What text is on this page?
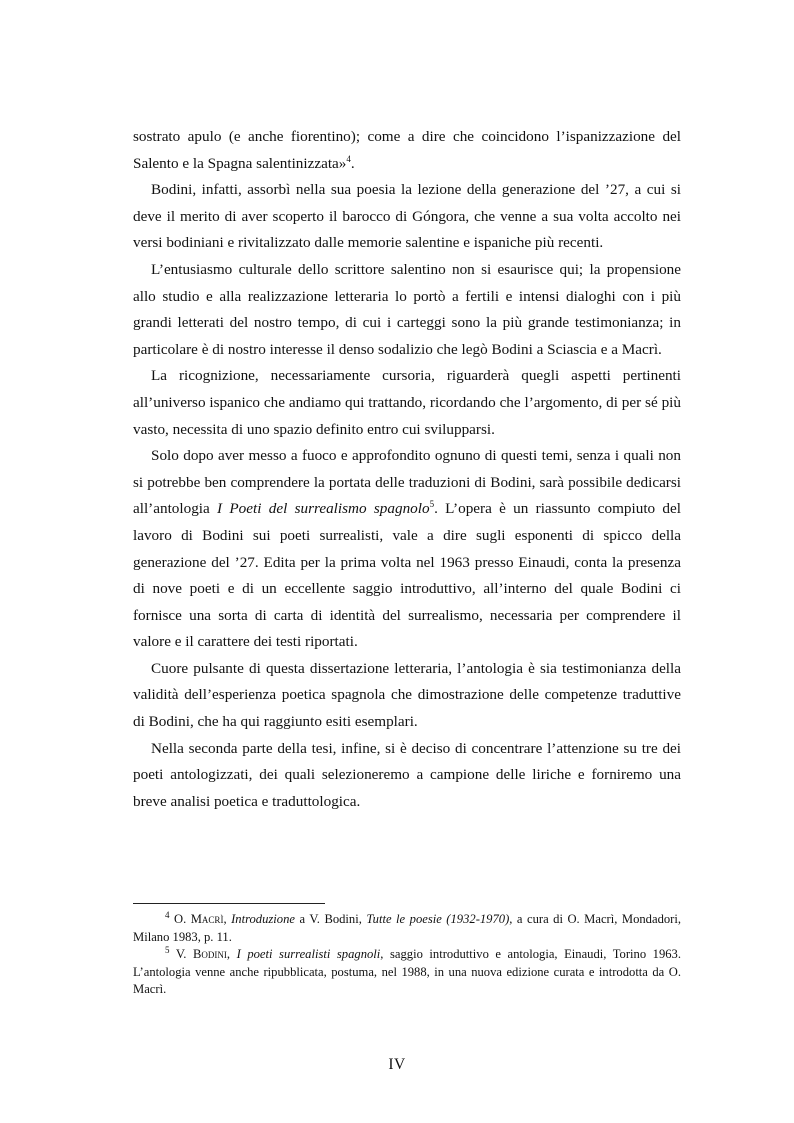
sostrato apulo (e anche fiorentino); come a dire che coincidono l’ispanizzazione del Salento e la Spagna salentinizzata»$^4$.

Bodini, infatti, assorbì nella sua poesia la lezione della generazione del ’27, a cui si deve il merito di aver scoperto il barocco di Góngora, che venne a sua volta accolto nei versi bodiniani e rivitalizzato dalle memorie salentine e ispaniche più recenti.

L’entusiasmo culturale dello scrittore salentino non si esaurisce qui; la propensione allo studio e alla realizzazione letteraria lo portò a fertili e intensi dialoghi con i più grandi letterati del nostro tempo, di cui i carteggi sono la più grande testimonianza; in particolare è di nostro interesse il denso sodalizio che legò Bodini a Sciascia e a Macrì.

La ricognizione, necessariamente cursoria, riguarderà quegli aspetti pertinenti all’universo ispanico che andiamo qui trattando, ricordando che l’argomento, di per sé più vasto, necessita di uno spazio definito entro cui svilupparsi.

Solo dopo aver messo a fuoco e approfondito ognuno di questi temi, senza i quali non si potrebbe ben comprendere la portata delle traduzioni di Bodini, sarà possibile dedicarsi all’antologia I Poeti del surrealismo spagnolo$^5$. L’opera è un riassunto compiuto del lavoro di Bodini sui poeti surrealisti, vale a dire sugli esponenti di spicco della generazione del ’27. Edita per la prima volta nel 1963 presso Einaudi, conta la presenza di nove poeti e di un eccellente saggio introduttivo, all’interno del quale Bodini ci fornisce una sorta di carta di identità del surrealismo, necessaria per comprendere il valore e il carattere dei testi riportati.

Cuore pulsante di questa dissertazione letteraria, l’antologia è sia testimonianza della validità dell’esperienza poetica spagnola che dimostrazione delle competenze traduttive di Bodini, che ha qui raggiunto esiti esemplari.

Nella seconda parte della tesi, infine, si è deciso di concentrare l’attenzione su tre dei poeti antologizzati, dei quali selezioneremo a campione delle liriche e forniremo una breve analisi poetica e traduttologica.

$^4$ O. Macrì, Introduzione a V. Bodini, Tutte le poesie (1932-1970), a cura di O. Macrì, Mondadori, Milano 1983, p. 11.

$^5$ V. Bodini, I poeti surrealisti spagnoli, saggio introduttivo e antologia, Einaudi, Torino 1963. L’antologia venne anche ripubblicata, postuma, nel 1988, in una nuova edizione curata e introdotta da O. Macrì.

IV
